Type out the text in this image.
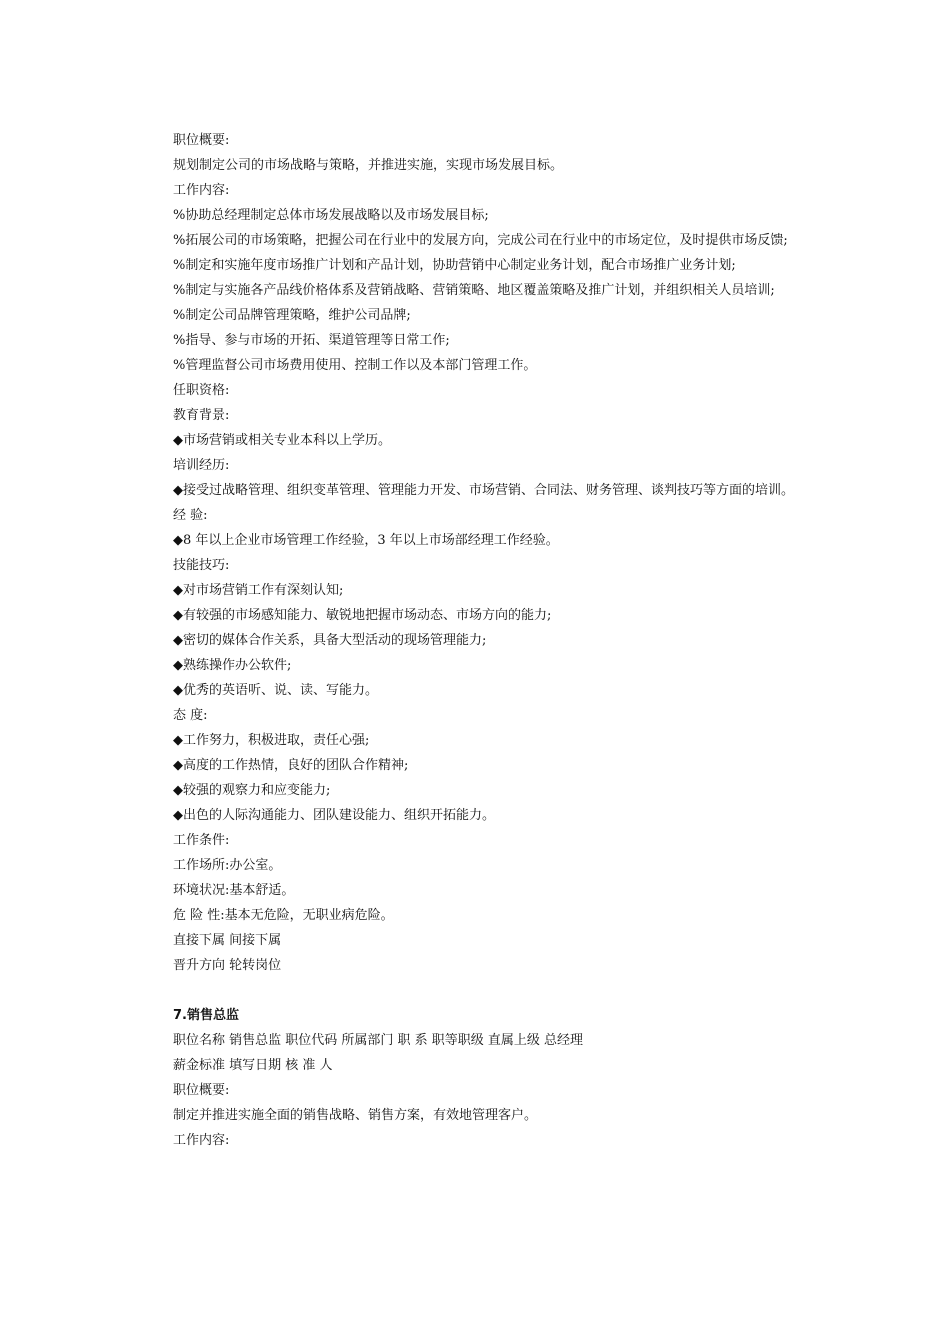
职位概要:

规划制定公司的市场战略与策略，并推进实施，实现市场发展目标。

工作内容:

%协助总经理制定总体市场发展战略以及市场发展目标;

%拓展公司的市场策略，把握公司在行业中的发展方向，完成公司在行业中的市场定位，及时提供市场反馈;

%制定和实施年度市场推广计划和产品计划，协助营销中心制定业务计划，配合市场推广业务计划;

%制定与实施各产品线价格体系及营销战略、营销策略、地区覆盖策略及推广计划，并组织相关人员培训;

%制定公司品牌管理策略，维护公司品牌;

%指导、参与市场的开拓、渠道管理等日常工作;

%管理监督公司市场费用使用、控制工作以及本部门管理工作。

任职资格:

教育背景:

◆市场营销或相关专业本科以上学历。

培训经历:

◆接受过战略管理、组织变革管理、管理能力开发、市场营销、合同法、财务管理、谈判技巧等方面的培训。

经 验:

◆8 年以上企业市场管理工作经验，3 年以上市场部经理工作经验。

技能技巧:

◆对市场营销工作有深刻认知;

◆有较强的市场感知能力、敏锐地把握市场动态、市场方向的能力;

◆密切的媒体合作关系，具备大型活动的现场管理能力;

◆熟练操作办公软件;

◆优秀的英语听、说、读、写能力。

态 度:

◆工作努力，积极进取，责任心强;

◆高度的工作热情，良好的团队合作精神;

◆较强的观察力和应变能力;

◆出色的人际沟通能力、团队建设能力、组织开拓能力。

工作条件:

工作场所:办公室。

环境状况:基本舒适。

危 险 性:基本无危险，无职业病危险。

直接下属 间接下属

晋升方向 轮转岗位

7.销售总监

职位名称 销售总监 职位代码 所属部门 职 系 职等职级 直属上级 总经理

薪金标准 填写日期 核 准 人

职位概要:

制定并推进实施全面的销售战略、销售方案，有效地管理客户。

工作内容:
